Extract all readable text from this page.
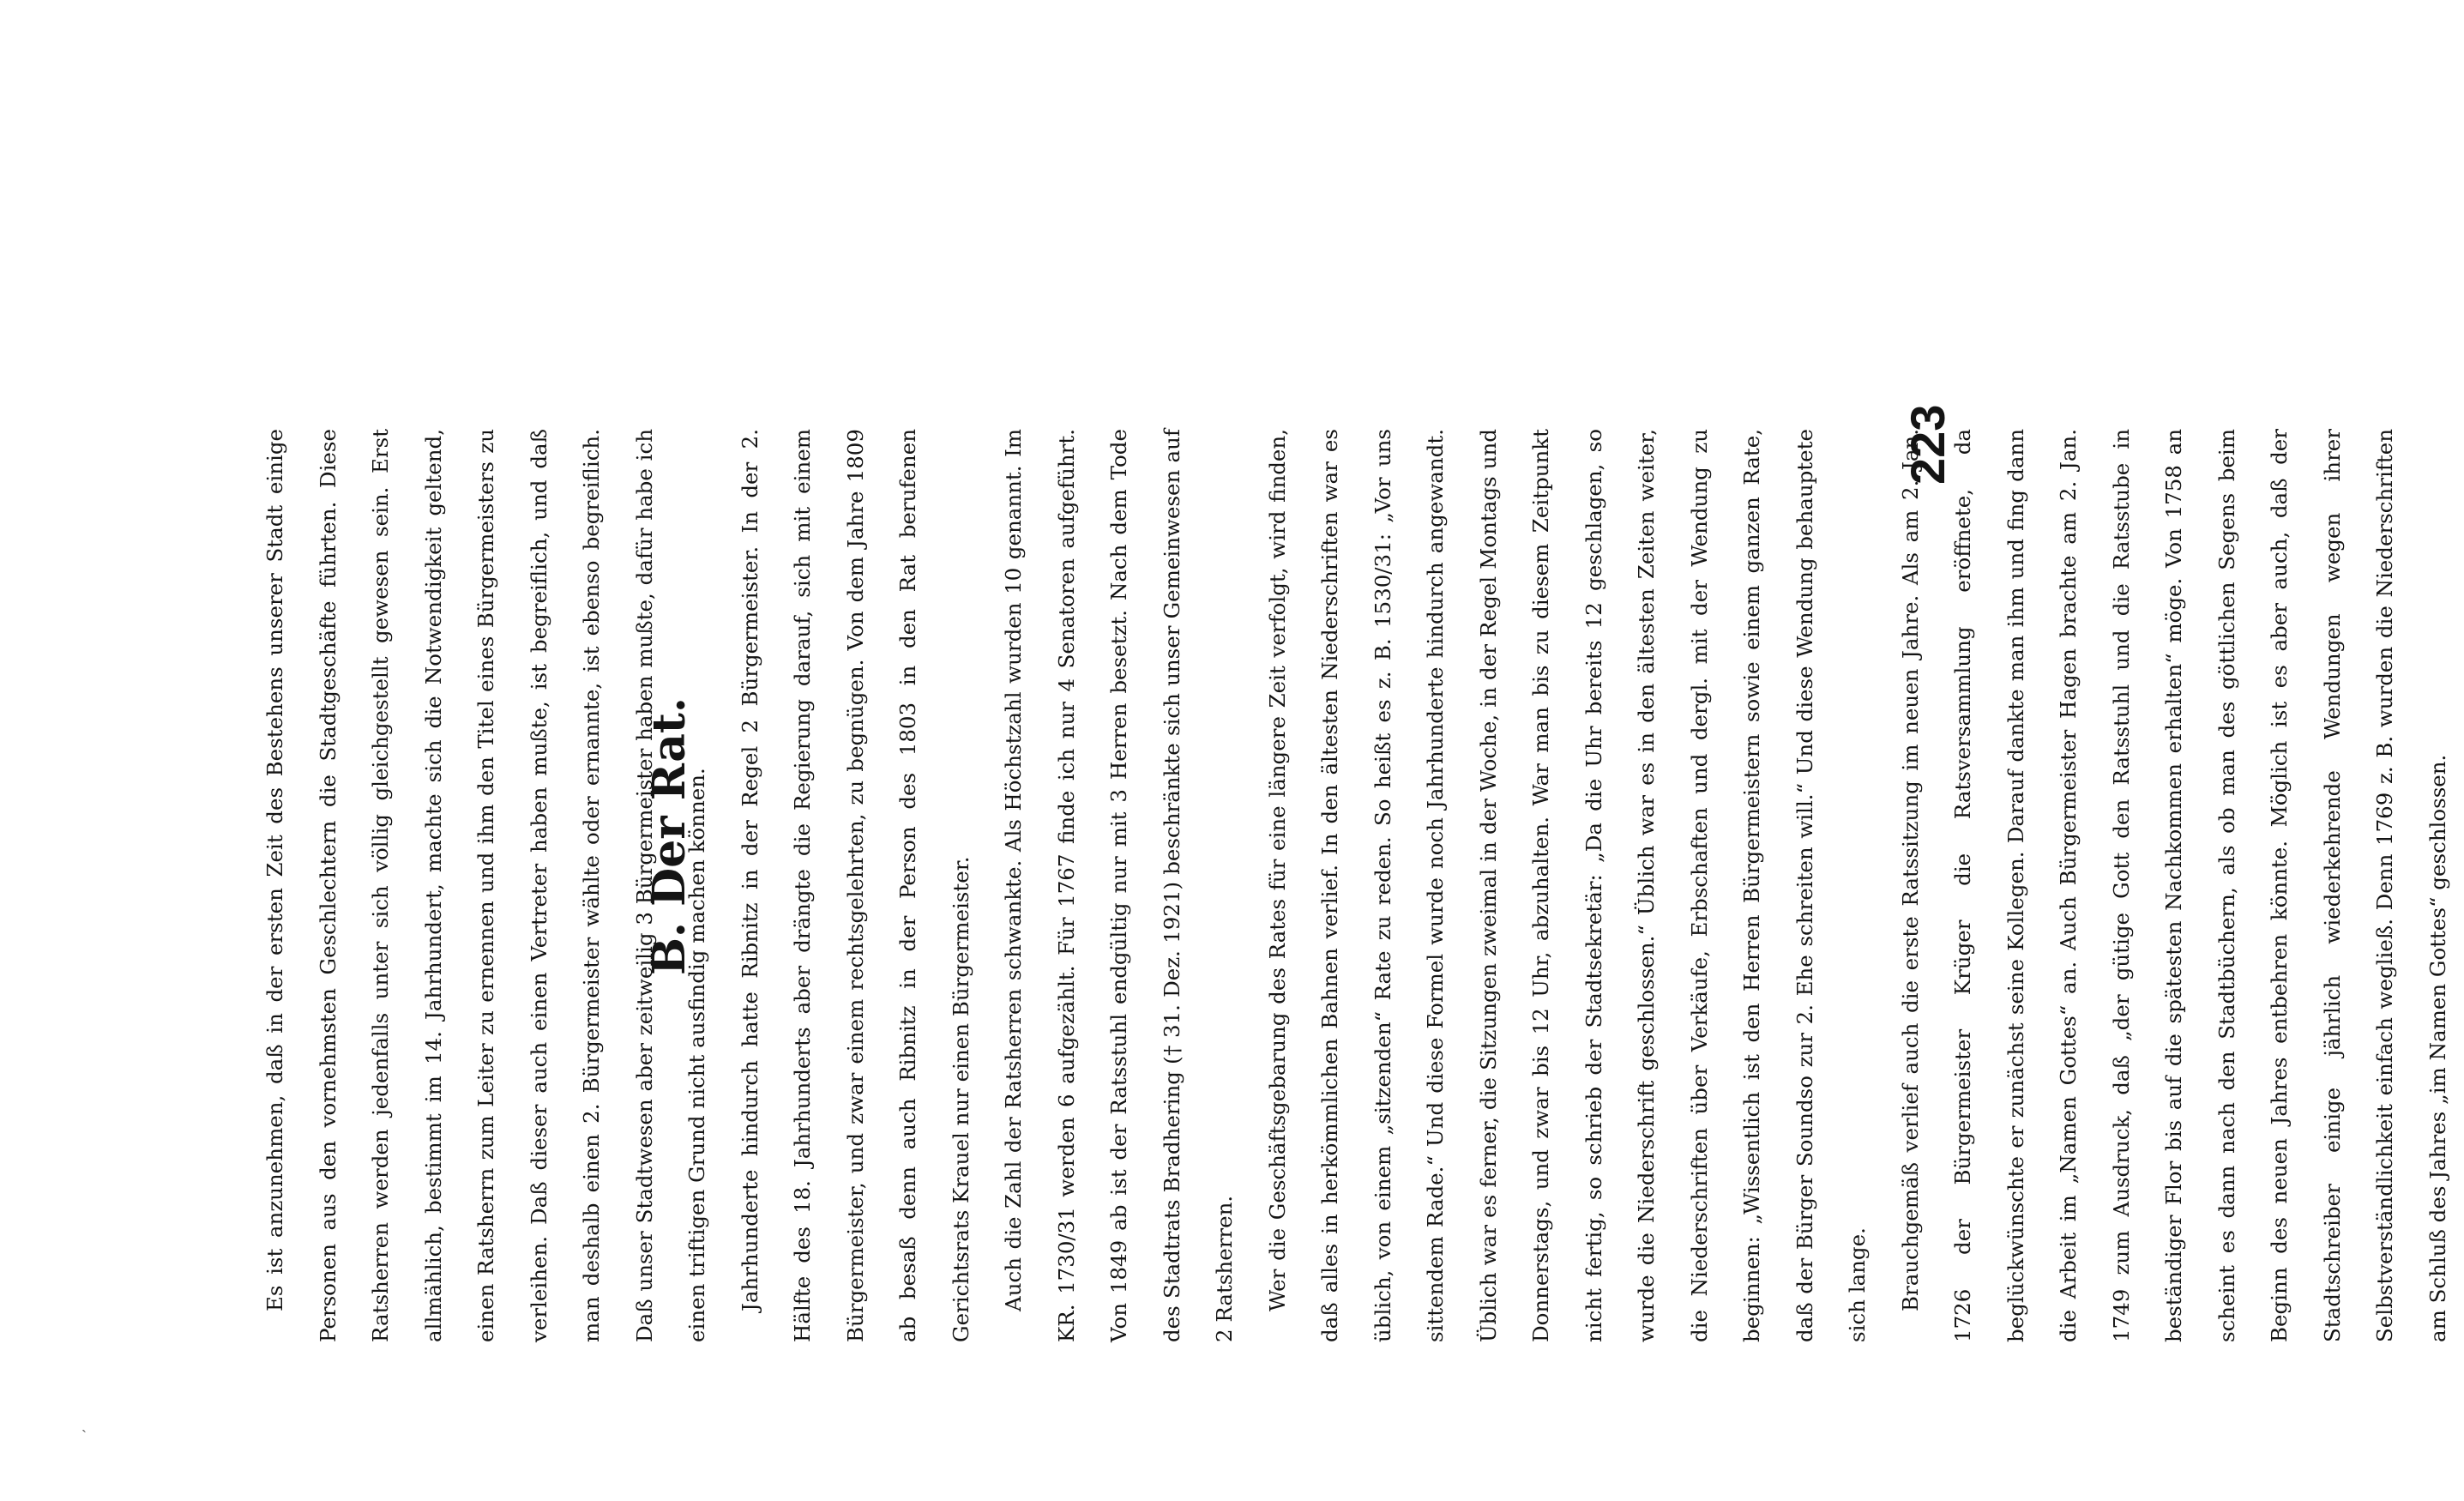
B. Der Rat.

Es ist anzunehmen, daß in der ersten Zeit des Bestehens unserer Stadt einige Personen aus den vornehmsten Geschlechtern die Stadtgeschäfte führten. Diese Ratsherren werden jedenfalls unter sich völlig gleichgestellt gewesen sein. Erst allmählich, bestimmt im 14. Jahrhundert, machte sich die Notwendigkeit geltend, einen Ratsherrn zum Leiter zu ernennen und ihm den Titel eines Bürgermeisters zu verleihen. Daß dieser auch einen Vertreter haben mußte, ist begreiflich, und daß man deshalb einen 2. Bürgermeister wählte oder ernannte, ist ebenso begreiflich. Daß unser Stadtwesen aber zeitweilig 3 Bürgermeister haben mußte, dafür habe ich einen triftigen Grund nicht ausfindig machen können.	Jahrhunderte hindurch hatte Ribnitz in der Regel 2 Bürgermeister. In der 2. Hälfte des 18. Jahrhunderts aber drängte die Regierung darauf, sich mit einem Bürgermeister, und zwar einem rechtsgelehrten, zu begnügen. Von dem Jahre 1809 ab besaß denn auch Ribnitz in der Person des 1803 in den Rat berufenen Gerichtsrats Krauel nur einen Bürgermeister.	Auch die Zahl der Ratsherren schwankte. Als Höchstzahl wurden 10 genannt. Im KR. 1730/31 werden 6 aufgezählt. Für 1767 finde ich nur 4 Senatoren aufgeführt. Von 1849 ab ist der Ratsstuhl endgültig nur mit 3 Herren besetzt. Nach dem Tode des Stadtrats Bradhering († 31. Dez. 1921) beschränkte sich unser Gemeinwesen auf 2 Ratsherren.	Wer die Geschäftsgebarung des Rates für eine längere Zeit verfolgt, wird finden, daß alles in herkömmlichen Bahnen verlief. In den ältesten Niederschriften war es üblich, von einem „sitzenden“ Rate zu reden. So heißt es z. B. 1530/31: „Vor uns sittendem Rade.“ Und diese Formel wurde noch Jahrhunderte hindurch angewandt. Üblich war es ferner, die Sitzungen zweimal in der Woche, in der Regel Montags und Donnerstags, und zwar bis 12 Uhr, abzuhalten. War man bis zu diesem Zeitpunkt nicht fertig, so schrieb der Stadtsekretär: „Da die Uhr bereits 12 geschlagen, so wurde die Niederschrift geschlossen.“ Üblich war es in den ältesten Zeiten weiter, die Niederschriften über Verkäufe, Erbschaften und dergl. mit der Wendung zu beginnen: „Wissentlich ist den Herren Bürgermeistern sowie einem ganzen Rate, daß der Bürger Soundso zur 2. Ehe schreiten will.“ Und diese Wendung behauptete sich lange.	Brauchgemäß verlief auch die erste Ratssitzung im neuen Jahre. Als am 2. Jan. 1726 der Bürgermeister Krüger die Ratsversammlung eröffnete, da beglückwünschte er zunächst seine Kollegen. Darauf dankte man ihm und fing dann die Arbeit im „Namen Gottes“ an. Auch Bürgermeister Hagen brachte am 2. Jan. 1749 zum Ausdruck, daß „der gütige Gott den Ratsstuhl und die Ratsstube in beständiger Flor bis auf die spätesten Nachkommen erhalten“ möge. Von 1758 an scheint es dann nach den Stadtbüchern, als ob man des göttlichen Segens beim Beginn des neuen Jahres entbehren könnte. Möglich ist es aber auch, daß der Stadtschreiber einige jährlich wiederkehrende Wendungen wegen ihrer Selbstverständlichkeit einfach wegließ. Denn 1769 z. B. wurden die Niederschriften am Schluß des Jahres „im Namen Gottes“ geschlossen.

223
ˏ
